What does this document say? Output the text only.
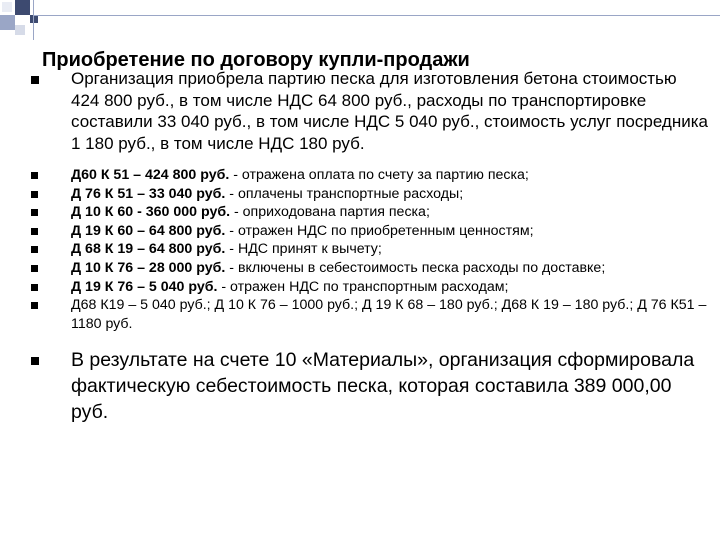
Приобретение по договору купли-продажи
Организация приобрела партию песка для изготовления бетона стоимостью 424 800 руб., в том числе НДС 64 800 руб., расходы по транспортировке составили 33 040 руб., в том числе НДС 5 040 руб., стоимость услуг посредника 1 180 руб., в том числе НДС 180 руб.
Д60 К 51 – 424 800 руб. - отражена оплата по счету за партию песка;
Д 76 К 51 – 33 040 руб. - оплачены транспортные расходы;
Д 10 К 60 - 360 000 руб. - оприходована партия песка;
Д 19 К 60 – 64 800 руб. - отражен НДС по приобретенным ценностям;
Д 68 К 19 – 64 800 руб. - НДС принят к вычету;
Д 10 К 76 – 28 000 руб. - включены в себестоимость песка расходы по доставке;
Д 19 К 76 – 5 040 руб. - отражен НДС по транспортным расходам;
Д68 К19 – 5 040 руб.; Д 10 К 76 – 1000 руб.; Д 19 К 68 – 180 руб.; Д68 К 19 – 180 руб.; Д 76 К51 – 1180 руб.
В результате на счете 10 «Материалы», организация сформировала фактическую себестоимость песка, которая составила 389 000,00 руб.
